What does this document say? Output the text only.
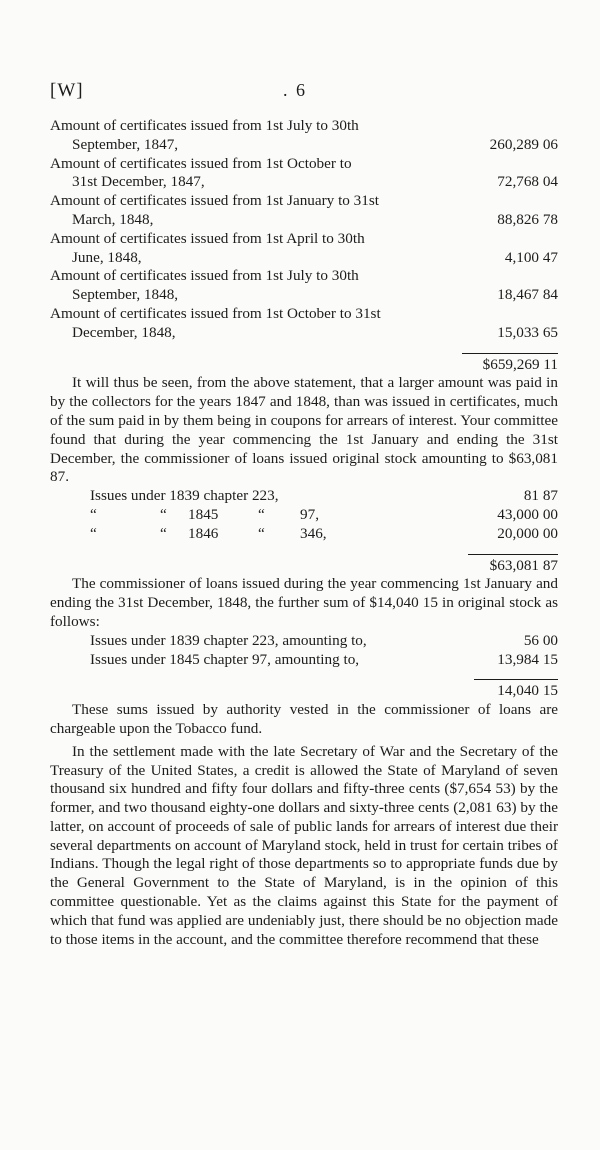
[W]	. 6
Amount of certificates issued from 1st July to 30th
September, 1847,	260,289 06
Amount of certificates issued from 1st October to
31st December, 1847,	72,768 04
Amount of certificates issued from 1st January to 31st
March, 1848,	88,826 78
Amount of certificates issued from 1st April to 30th
June, 1848,	4,100 47
Amount of certificates issued from 1st July to 30th
September, 1848,	18,467 84
Amount of certificates issued from 1st October to 31st
December, 1848,	15,033 65
$659,269 11

It will thus be seen, from the above statement, that a larger amount was paid in by the collectors for the years 1847 and 1848, than was issued in certificates, much of the sum paid in by them being in coupons for arrears of interest. Your committee found that during the year commencing the 1st January and ending the 31st December, the commissioner of loans issued original stock amounting to $63,081 87.

Issues under 1839 chapter 223,	81 87
“	“ 1845	“ 97,	43,000 00
“	“ 1846	“ 346,	20,000 00
$63,081 87

The commissioner of loans issued during the year commencing 1st January and ending the 31st December, 1848, the further sum of $14,040 15 in original stock as follows:

Issues under 1839 chapter 223, amounting to,	56 00
Issues under 1845 chapter 97, amounting to,	13,984 15
14,040 15

These sums issued by authority vested in the commissioner of loans are chargeable upon the Tobacco fund.

In the settlement made with the late Secretary of War and the Secretary of the Treasury of the United States, a credit is allowed the State of Maryland of seven thousand six hundred and fifty four dollars and fifty-three cents ($7,654 53) by the former, and two thousand eighty-one dollars and sixty-three cents (2,081 63) by the latter, on account of proceeds of sale of public lands for arrears of interest due their several departments on account of Maryland stock, held in trust for certain tribes of Indians. Though the legal right of those departments so to appropriate funds due by the General Government to the State of Maryland, is in the opinion of this committee questionable. Yet as the claims against this State for the payment of which that fund was applied are undeniably just, there should be no objection made to those items in the account, and the committee therefore recommend that these
